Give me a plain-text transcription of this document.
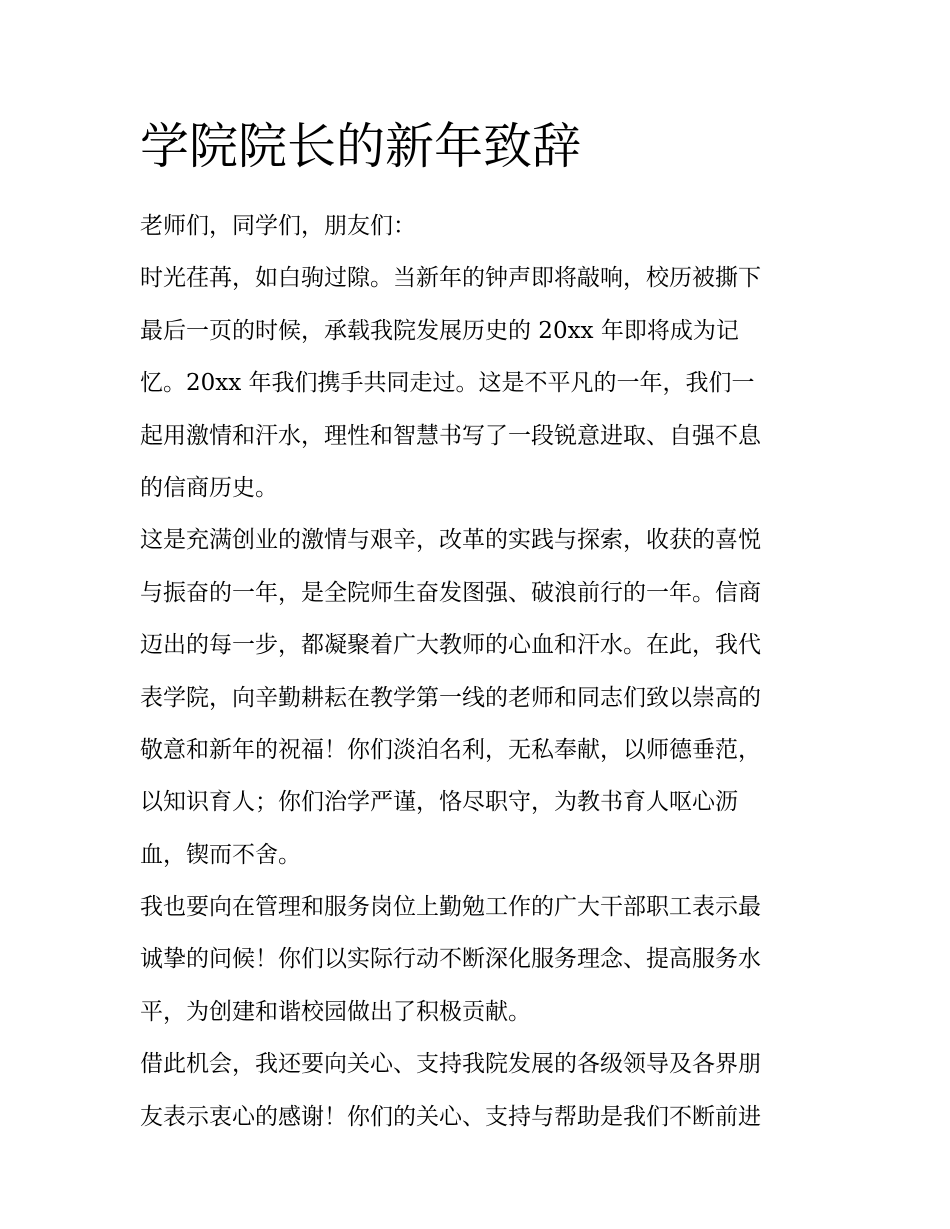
学院院长的新年致辞
老师们，同学们，朋友们：
时光荏苒，如白驹过隙。当新年的钟声即将敲响，校历被撕下
最后一页的时候，承载我院发展历史的 20xx 年即将成为记
忆。20xx 年我们携手共同走过。这是不平凡的一年，我们一
起用激情和汗水，理性和智慧书写了一段锐意进取、自强不息
的信商历史。
这是充满创业的激情与艰辛，改革的实践与探索，收获的喜悦
与振奋的一年，是全院师生奋发图强、破浪前行的一年。信商
迈出的每一步，都凝聚着广大教师的心血和汗水。在此，我代
表学院，向辛勤耕耘在教学第一线的老师和同志们致以崇高的
敬意和新年的祝福！你们淡泊名利，无私奉献，以师德垂范，
以知识育人；你们治学严谨，恪尽职守，为教书育人呕心沥
血，锲而不舍。
我也要向在管理和服务岗位上勤勉工作的广大干部职工表示最
诚挚的问候！你们以实际行动不断深化服务理念、提高服务水
平，为创建和谐校园做出了积极贡献。
借此机会，我还要向关心、支持我院发展的各级领导及各界朋
友表示衷心的感谢！你们的关心、支持与帮助是我们不断前进
